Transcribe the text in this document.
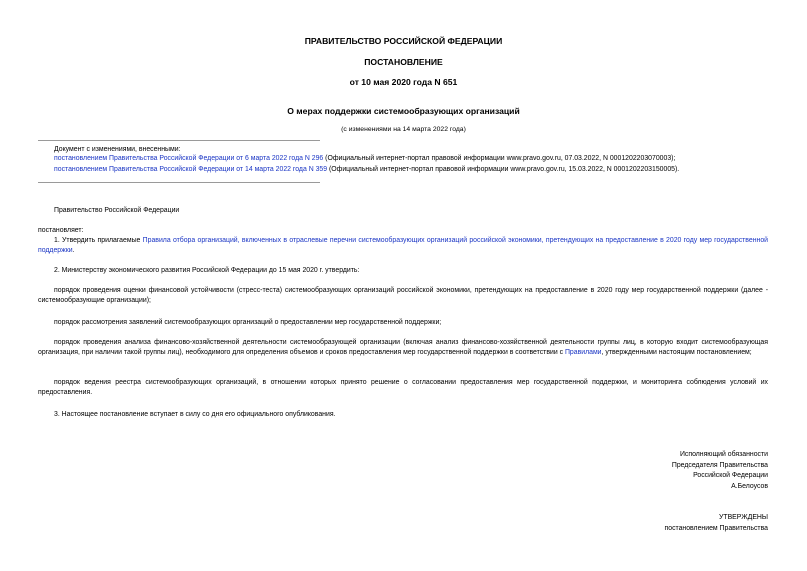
ПРАВИТЕЛЬСТВО РОССИЙСКОЙ ФЕДЕРАЦИИ
ПОСТАНОВЛЕНИЕ
от 10 мая 2020 года N 651
О мерах поддержки системообразующих организаций
(с изменениями на 14 марта 2022 года)
Документ с изменениями, внесенными:
постановлением Правительства Российской Федерации от 6 марта 2022 года N 296 (Официальный интернет-портал правовой информации www.pravo.gov.ru, 07.03.2022, N 0001202203070003);
постановлением Правительства Российской Федерации от 14 марта 2022 года N 359 (Официальный интернет-портал правовой информации www.pravo.gov.ru, 15.03.2022, N 0001202203150005).
Правительство Российской Федерации
постановляет:
1. Утвердить прилагаемые Правила отбора организаций, включенных в отраслевые перечни системообразующих организаций российской экономики, претендующих на предоставление в 2020 году мер государственной поддержки.
2. Министерству экономического развития Российской Федерации до 15 мая 2020 г. утвердить:
порядок проведения оценки финансовой устойчивости (стресс-теста) системообразующих организаций российской экономики, претендующих на предоставление в 2020 году мер государственной поддержки (далее - системообразующие организации);
порядок рассмотрения заявлений системообразующих организаций о предоставлении мер государственной поддержки;
порядок проведения анализа финансово-хозяйственной деятельности системообразующей организации (включая анализ финансово-хозяйственной деятельности группы лиц, в которую входит системообразующая организация, при наличии такой группы лиц), необходимого для определения объемов и сроков предоставления мер государственной поддержки в соответствии с Правилами, утвержденными настоящим постановлением;
порядок ведения реестра системообразующих организаций, в отношении которых принято решение о согласовании предоставления мер государственной поддержки, и мониторинга соблюдения условий их предоставления.
3. Настоящее постановление вступает в силу со дня его официального опубликования.
Исполняющий обязанности
Председателя Правительства
Российской Федерации
А.Белоусов
УТВЕРЖДЕНЫ
постановлением Правительства
